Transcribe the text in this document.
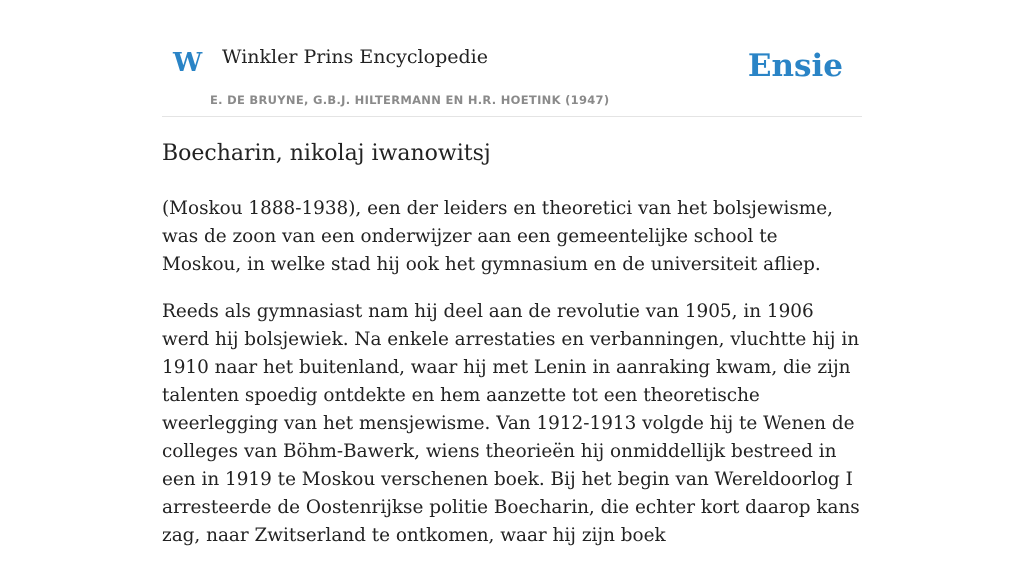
W Winkler Prins Encyclopedie
E. DE BRUYNE, G.B.J. HILTERMANN EN H.R. HOETINK (1947)
Ensie
Boecharin, nikolaj iwanowitsj

(Moskou 1888-1938), een der leiders en theoretici van het bolsjewisme, was de zoon van een onderwijzer aan een gemeentelijke school te Moskou, in welke stad hij ook het gymnasium en de universiteit afliep.

Reeds als gymnasiast nam hij deel aan de revolutie van 1905, in 1906 werd hij bolsjewiek. Na enkele arrestaties en verbanningen, vluchtte hij in 1910 naar het buitenland, waar hij met Lenin in aanraking kwam, die zijn talenten spoedig ontdekte en hem aanzette tot een theoretische weerlegging van het mensjewisme. Van 1912-1913 volgde hij te Wenen de colleges van Böhm-Bawerk, wiens theorieën hij onmiddellijk bestreed in een in 1919 te Moskou verschenen boek. Bij het begin van Wereldoorlog I arresteerde de Oostenrijkse politie Boecharin, die echter kort daarop kans zag, naar Zwitserland te ontkomen, waar hij zijn boek
